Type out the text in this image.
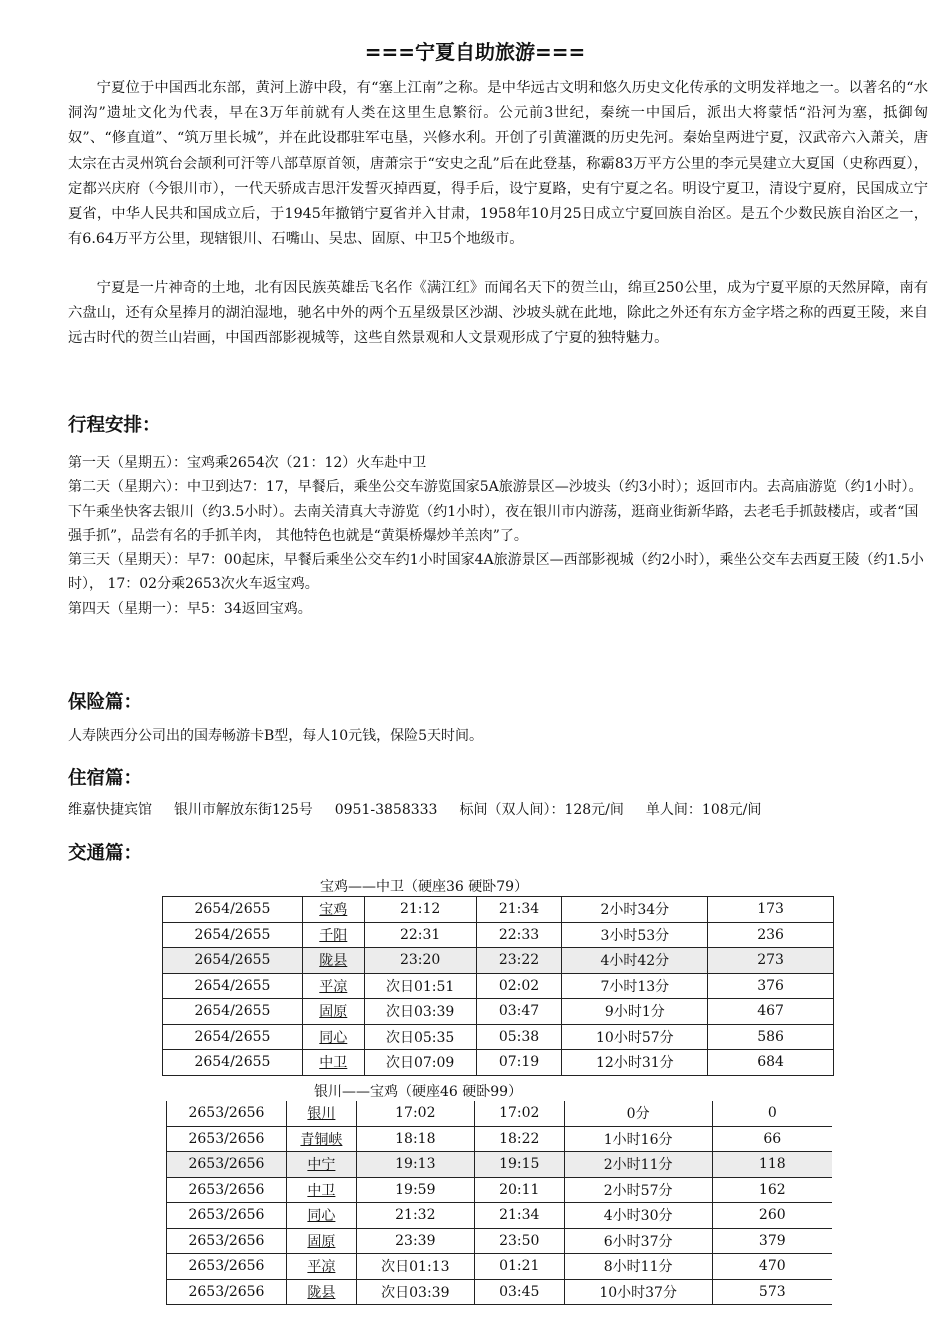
===宁夏自助旅游===

宁夏位于中国西北东部，黄河上游中段，有“塞上江南”之称。是中华远古文明和悠久历史文化传承的文明发祥地之一。以著名的“水洞沟”遗址文化为代表，早在3万年前就有人类在这里生息繁衍。公元前3世纪，秦统一中国后，派出大将蒙恬“沿河为塞，抵御匈奴”、“修直道”、“筑万里长城”，并在此设郡驻军屯垦，兴修水利。开创了引黄灌溉的历史先河。秦始皇两进宁夏，汉武帝六入萧关，唐太宗在古灵州筑台会颉利可汗等八部草原首领，唐萧宗于“安史之乱”后在此登基，称霸83万平方公里的李元昊建立大夏国（史称西夏），定都兴庆府（今银川市），一代天骄成吉思汗发誓灭掉西夏，得手后，设宁夏路，史有宁夏之名。明设宁夏卫，清设宁夏府，民国成立宁夏省，中华人民共和国成立后，于1945年撤销宁夏省并入甘肃，1958年10月25日成立宁夏回族自治区。是五个少数民族自治区之一，有6.64万平方公里，现辖银川、石嘴山、吴忠、固原、中卫5个地级市。

宁夏是一片神奇的土地，北有因民族英雄岳飞名作《满江红》而闻名天下的贺兰山，绵亘250公里，成为宁夏平原的天然屏障，南有六盘山，还有众星捧月的湖泊湿地，驰名中外的两个五星级景区沙湖、沙坡头就在此地，除此之外还有东方金字塔之称的西夏王陵，来自远古时代的贺兰山岩画，中国西部影视城等，这些自然景观和人文景观形成了宁夏的独特魅力。

行程安排：

第一天（星期五）：宝鸡乘2654次（21：12）火车赴中卫

第二天（星期六）：中卫到达7：17，早餐后，乘坐公交车游览国家5A旅游景区—沙坡头（约3小时）；返回市内。去高庙游览（约1小时）。下午乘坐快客去银川（约3.5小时）。去南关清真大寺游览（约1小时），夜在银川市内游荡，逛商业街新华路，去老毛手抓鼓楼店，或者“国强手抓”，品尝有名的手抓羊肉， 其他特色也就是“黄渠桥爆炒羊羔肉”了。

第三天（星期天）：早7：00起床，早餐后乘坐公交车约1小时国家4A旅游景区—西部影视城（约2小时），乘坐公交车去西夏王陵（约1.5小时）， 17：02分乘2653次火车返宝鸡。

第四天（星期一）：早5：34返回宝鸡。

保险篇：
人寿陕西分公司出的国寿畅游卡B型，每人10元钱，保险5天时间。
住宿篇：
维嘉快捷宾馆 银川市解放东街125号 0951-3858333 标间（双人间）：128元/间 单人间：108元/间
交通篇：
宝鸡——中卫（硬座36 硬卧79）
2654/2655	宝鸡	21:12	21:34	2小时34分	173
2654/2655	千阳	22:31	22:33	3小时53分	236
2654/2655	陇县	23:20	23:22	4小时42分	273
2654/2655	平凉	次日01:51	02:02	7小时13分	376
2654/2655	固原	次日03:39	03:47	9小时1分	467
2654/2655	同心	次日05:35	05:38	10小时57分	586
2654/2655	中卫	次日07:09	07:19	12小时31分	684
银川——宝鸡（硬座46 硬卧99）
2653/2656	银川	17:02	17:02	0分	0
2653/2656	青铜峡	18:18	18:22	1小时16分	66
2653/2656	中宁	19:13	19:15	2小时11分	118
2653/2656	中卫	19:59	20:11	2小时57分	162
2653/2656	同心	21:32	21:34	4小时30分	260
2653/2656	固原	23:39	23:50	6小时37分	379
2653/2656	平凉	次日01:13	01:21	8小时11分	470
2653/2656	陇县	次日03:39	03:45	10小时37分	573
